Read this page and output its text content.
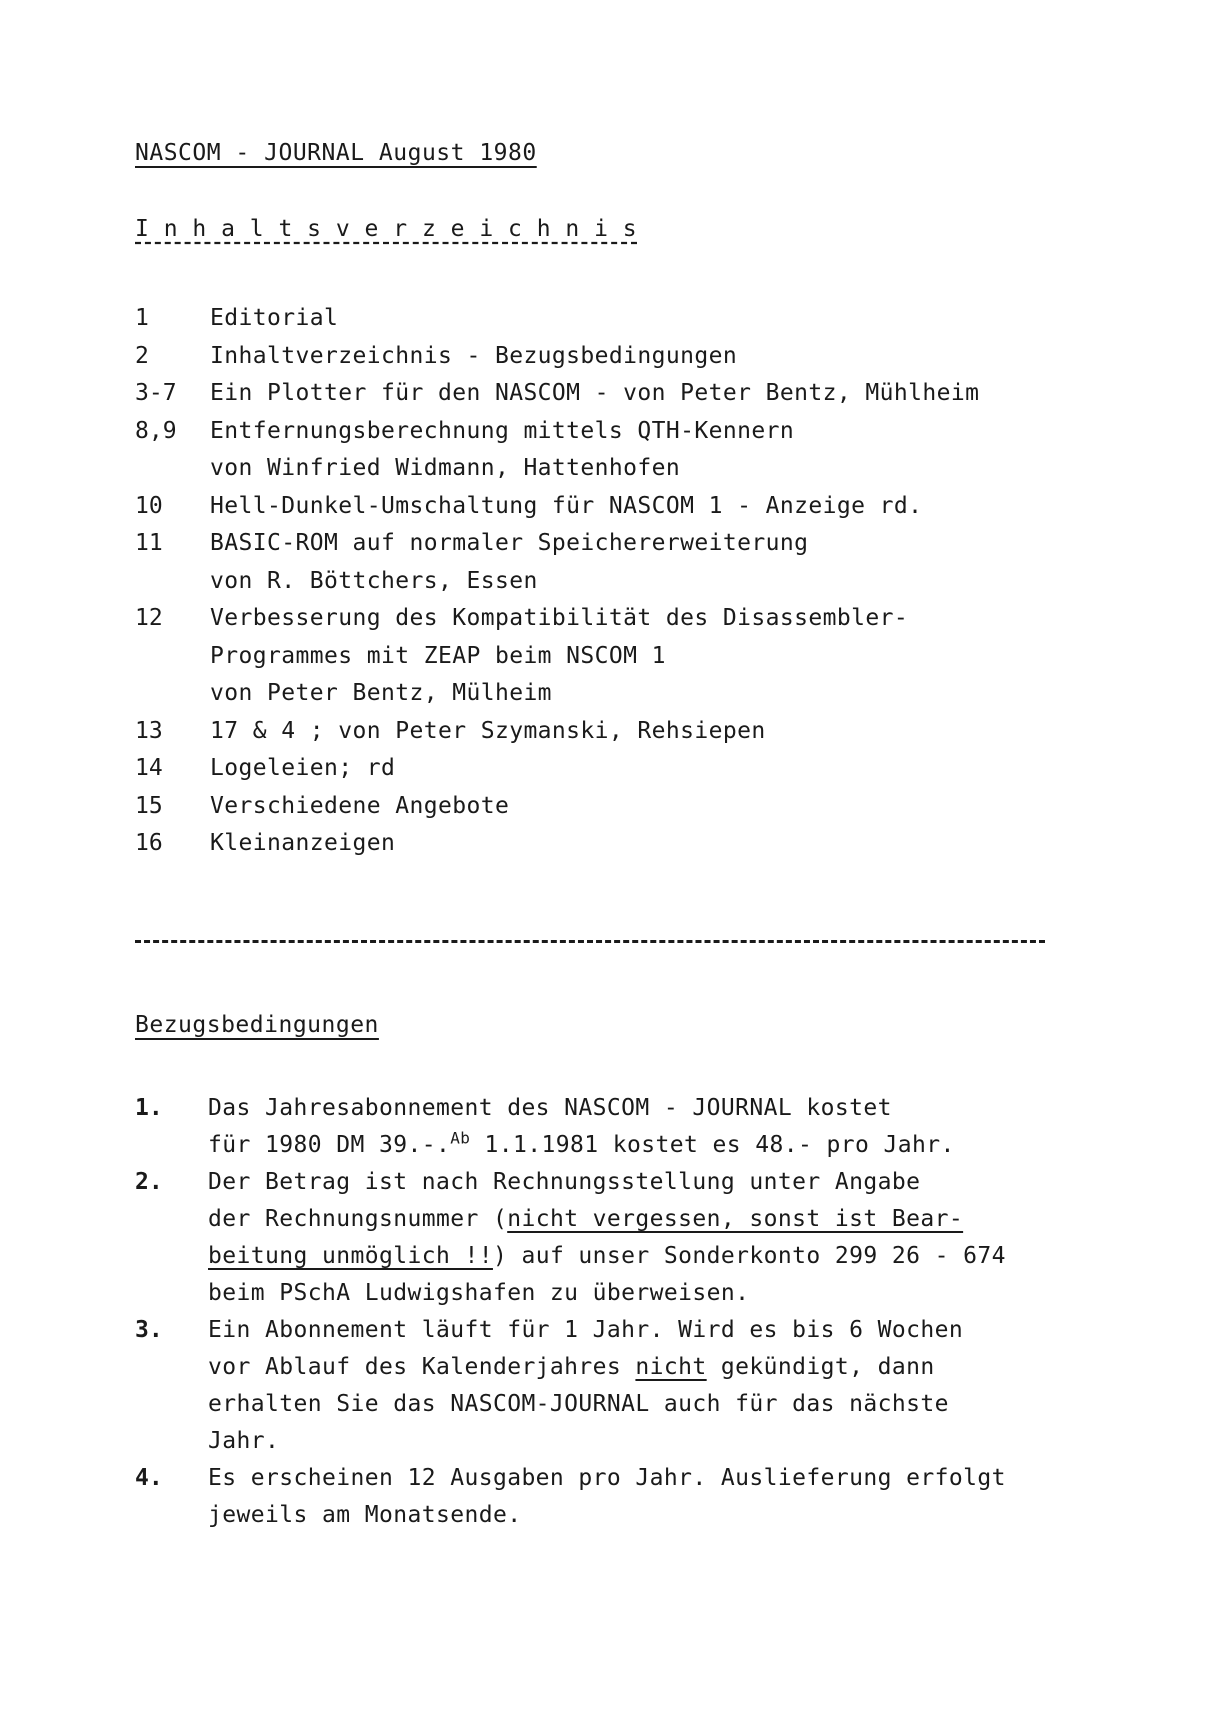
NASCOM - JOURNAL August 1980
I n h a l t s v e r z e i c h n i s
1	Editorial
2	Inhaltverzeichnis - Bezugsbedingungen
3-7	Ein Plotter für den NASCOM - von Peter Bentz, Mühlheim
8,9	Entfernungsberechnung mittels QTH-Kennern
von Winfried Widmann, Hattenhofen
10	Hell-Dunkel-Umschaltung für NASCOM 1 - Anzeige rd.
11	BASIC-ROM auf normaler Speichererweiterung
von R. Böttchers, Essen
12	Verbesserung des Kompatibilität des Disassembler-
Programmes mit ZEAP beim NSCOM 1
von Peter Bentz, Mülheim
13	17 & 4 ; von Peter Szymanski, Rehsiepen
14	Logeleien; rd
15	Verschiedene Angebote
16	Kleinanzeigen
Bezugsbedingungen
1.	Das Jahresabonnement des NASCOM - JOURNAL kostet
für 1980 DM 39.-.$^{Ab}$ 1.1.1981 kostet es 48.- pro Jahr.
2.	Der Betrag ist nach Rechnungsstellung unter Angabe
der Rechnungsnummer (nicht vergessen, sonst ist Bear-
beitung unmöglich !!) auf unser Sonderkonto 299 26 - 674
beim PSchA Ludwigshafen zu überweisen.
3.	Ein Abonnement läuft für 1 Jahr. Wird es bis 6 Wochen
vor Ablauf des Kalenderjahres nicht gekündigt, dann
erhalten Sie das NASCOM-JOURNAL auch für das nächste
Jahr.
4.	Es erscheinen 12 Ausgaben pro Jahr. Auslieferung erfolgt
jeweils am Monatsende.
